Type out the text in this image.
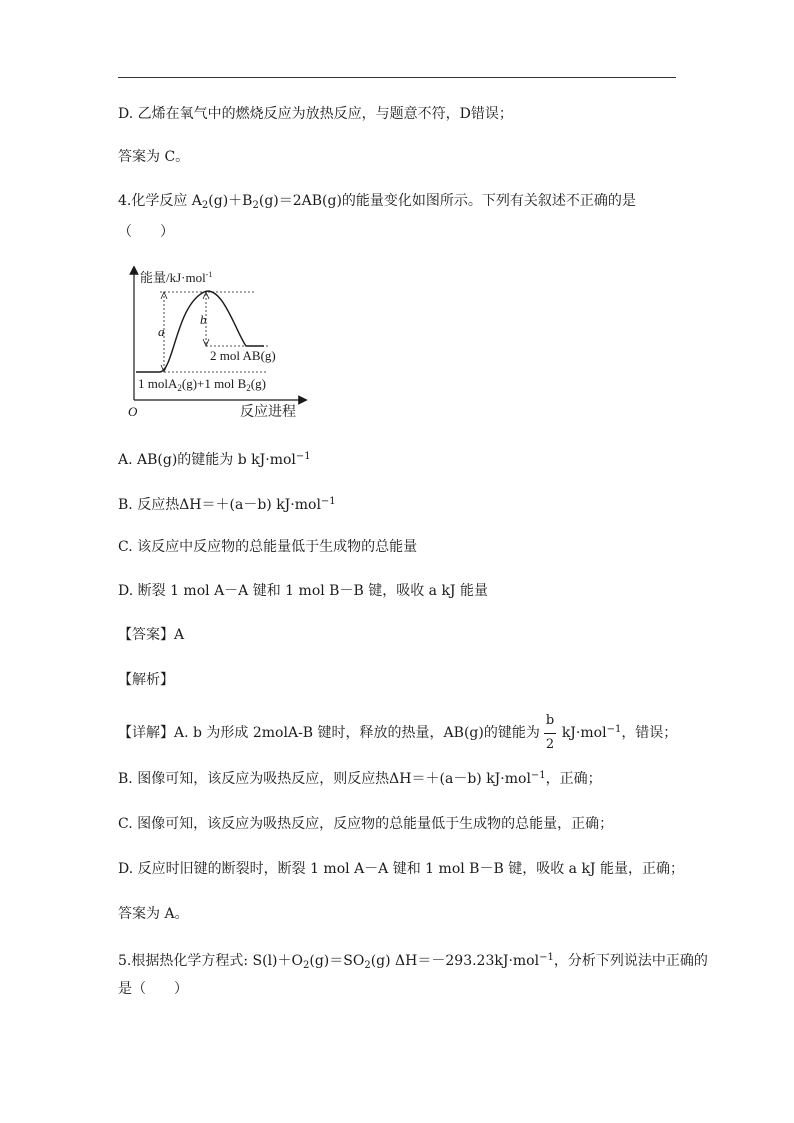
D. 乙烯在氧气中的燃烧反应为放热反应，与题意不符，D错误；
答案为 C。
4.化学反应 $A_2(g)+B_2(g)=2AB(g)$的能量变化如图所示。下列有关叙述不正确的是
（　　）
能量/kJ·mol$^{-1}$
a
b
2 mol AB(g)
1 molA$_2$(g)+1 mol $B_2(g)$
O	反应进程
A. AB(g)的键能为 b kJ·mol$^{-1}$
B. 反应热ΔH＝＋(a－b) kJ·mol$^{-1}$
C. 该反应中反应物的总能量低于生成物的总能量
D. 断裂 1 mol A－A 键和 1 mol B－B 键，吸收 a kJ 能量
【答案】A
【解析】
【详解】A. b 为形成 2molA-B 键时，释放的热量，AB(g)的键能为 $\frac{b}{2} kJ\cdot mol^{-1}$，错误；
B. 图像可知，该反应为吸热反应，则反应热ΔH＝＋(a－b) kJ·mol$^{-1}$，正确；
C. 图像可知，该反应为吸热反应，反应物的总能量低于生成物的总能量，正确；
D. 反应时旧键的断裂时，断裂 1 mol A－A 键和 1 mol B－B 键，吸收 a kJ 能量，正确；
答案为 A。
5.根据热化学方程式: $S(l)+O_2(g)=SO_2(g)$ ΔH＝－293.23kJ·mol$^{-1}$，分析下列说法中正确的
是（　　）
